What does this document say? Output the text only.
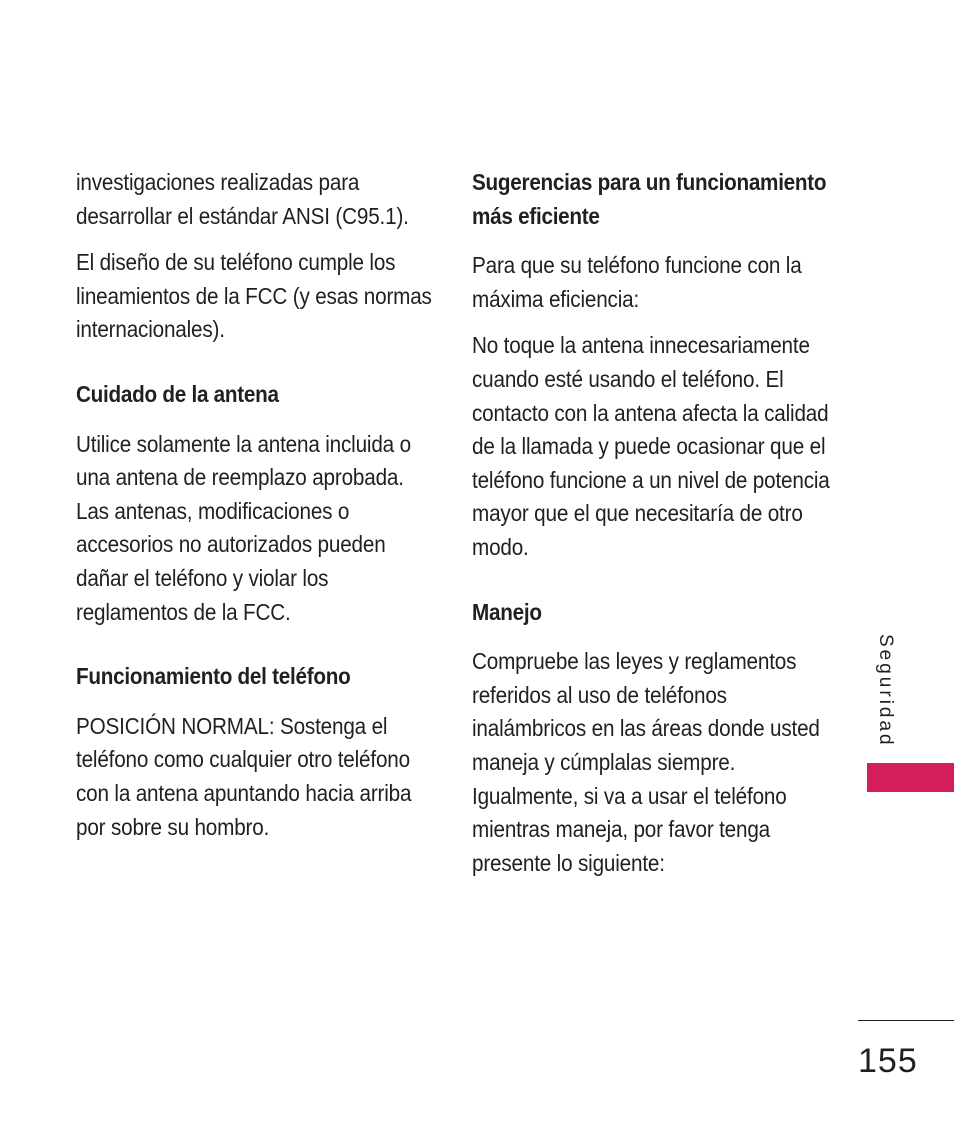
investigaciones realizadas para desarrollar el estándar ANSI (C95.1).

El diseño de su teléfono cumple los lineamientos de la FCC (y esas normas internacionales).

Cuidado de la antena

Utilice solamente la antena incluida o una antena de reemplazo aprobada. Las antenas, modificaciones o accesorios no autorizados pueden dañar el teléfono y violar los reglamentos de la FCC.

Funcionamiento del teléfono

POSICIÓN NORMAL: Sostenga el teléfono como cualquier otro teléfono con la antena apuntando hacia arriba por sobre su hombro.

Sugerencias para un funcionamiento más eficiente

Para que su teléfono funcione con la máxima eficiencia:

No toque la antena innecesariamente cuando esté usando el teléfono. El contacto con la antena afecta la calidad de la llamada y puede ocasionar que el teléfono funcione a un nivel de potencia mayor que el que necesitaría de otro modo.

Manejo

Compruebe las leyes y reglamentos referidos al uso de teléfonos inalámbricos en las áreas donde usted maneja y cúmplalas siempre. Igualmente, si va a usar el teléfono mientras maneja, por favor tenga presente lo siguiente:

Seguridad
155
